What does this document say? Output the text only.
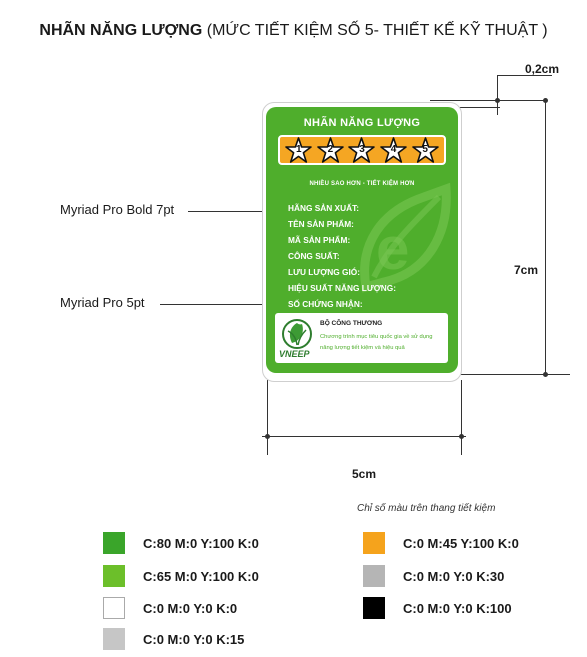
NHÃN NĂNG LƯỢNG (MỨC TIẾT KIỆM SỐ 5- THIẾT KẾ KỸ THUẬT )
0,2cm
7cm
5cm
Myriad Pro Bold 7pt
Myriad Pro 5pt
NHÃN NĂNG LƯỢNG
1	2	3	4	5
e
NHIỀU SAO HƠN - TIẾT KIỆM HƠN
HÃNG SẢN XUẤT:
TÊN SẢN PHẨM:
MÃ SẢN PHẨM:
CÔNG SUẤT:
LƯU LƯỢNG GIÓ:
HIỆU SUẤT NĂNG LƯỢNG:
SỐ CHỨNG NHẬN:
VNEEP
BỘ CÔNG THƯƠNG
Chương trình mục tiêu quốc gia về sử dụng năng lượng tiết kiệm và hiệu quả
Chỉ số màu trên thang tiết kiệm
C:80 M:0 Y:100 K:0
C:65 M:0 Y:100 K:0
C:0 M:0 Y:0 K:0
C:0 M:0 Y:0 K:15
C:0 M:45 Y:100 K:0
C:0 M:0 Y:0 K:30
C:0 M:0 Y:0 K:100
